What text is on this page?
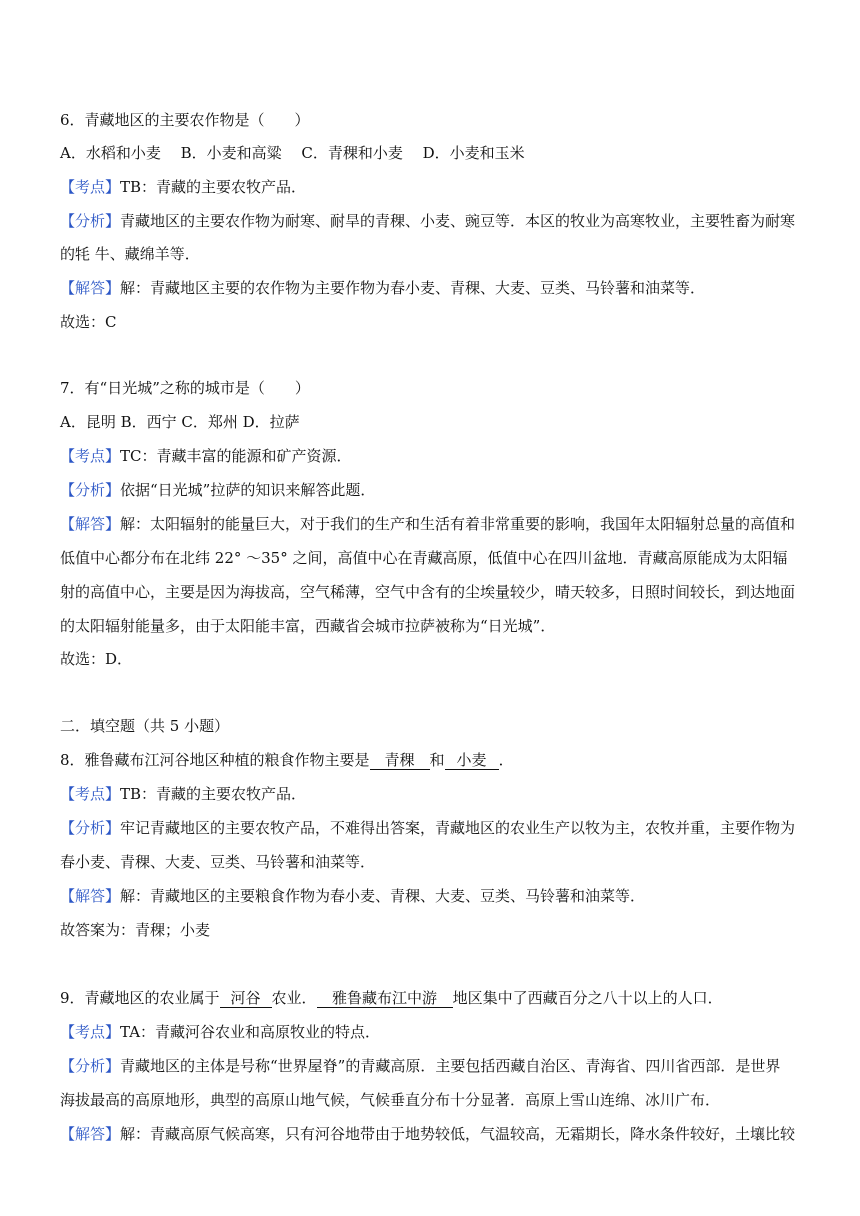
6．青藏地区的主要农作物是（　　）
A．水稻和小麦　 B．小麦和高粱　 C．青稞和小麦　 D．小麦和玉米
【考点】TB：青藏的主要农牧产品．
【分析】青藏地区的主要农作物为耐寒、耐旱的青稞、小麦、豌豆等．本区的牧业为高寒牧业，主要牲畜为耐寒
的牦 牛、藏绵羊等．
【解答】解：青藏地区主要的农作物为主要作物为春小麦、青稞、大麦、豆类、马铃薯和油菜等．
故选：C
7．有“日光城”之称的城市是（　　）
A．昆明 B．西宁 C．郑州 D．拉萨
【考点】TC：青藏丰富的能源和矿产资源．
【分析】依据“日光城”拉萨的知识来解答此题．
【解答】解：太阳辐射的能量巨大，对于我们的生产和生活有着非常重要的影响，我国年太阳辐射总量的高值和
低值中心都分布在北纬 22° ～35° 之间，高值中心在青藏高原，低值中心在四川盆地．青藏高原能成为太阳辐
射的高值中心，主要是因为海拔高，空气稀薄，空气中含有的尘埃量较少，晴天较多，日照时间较长，到达地面
的太阳辐射能量多，由于太阳能丰富，西藏省会城市拉萨被称为“日光城”．
故选：D．
二．填空题（共 5 小题）
8．雅鲁藏布江河谷地区种植的粮食作物主要是 青稞 和 小麦 ．
【考点】TB：青藏的主要农牧产品．
【分析】牢记青藏地区的主要农牧产品，不难得出答案，青藏地区的农业生产以牧为主，农牧并重，主要作物为
春小麦、青稞、大麦、豆类、马铃薯和油菜等．
【解答】解：青藏地区的主要粮食作物为春小麦、青稞、大麦、豆类、马铃薯和油菜等．
故答案为：青稞；小麦
9．青藏地区的农业属于 河谷 农业． 雅鲁藏布江中游 地区集中了西藏百分之八十以上的人口．
【考点】TA：青藏河谷农业和高原牧业的特点．
【分析】青藏地区的主体是号称“世界屋脊”的青藏高原．主要包括西藏自治区、青海省、四川省西部．是世界
海拔最高的高原地形，典型的高原山地气候，气候垂直分布十分显著．高原上雪山连绵、冰川广布．
【解答】解：青藏高原气候高寒，只有河谷地带由于地势较低，气温较高，无霜期长，降水条件较好，土壤比较
